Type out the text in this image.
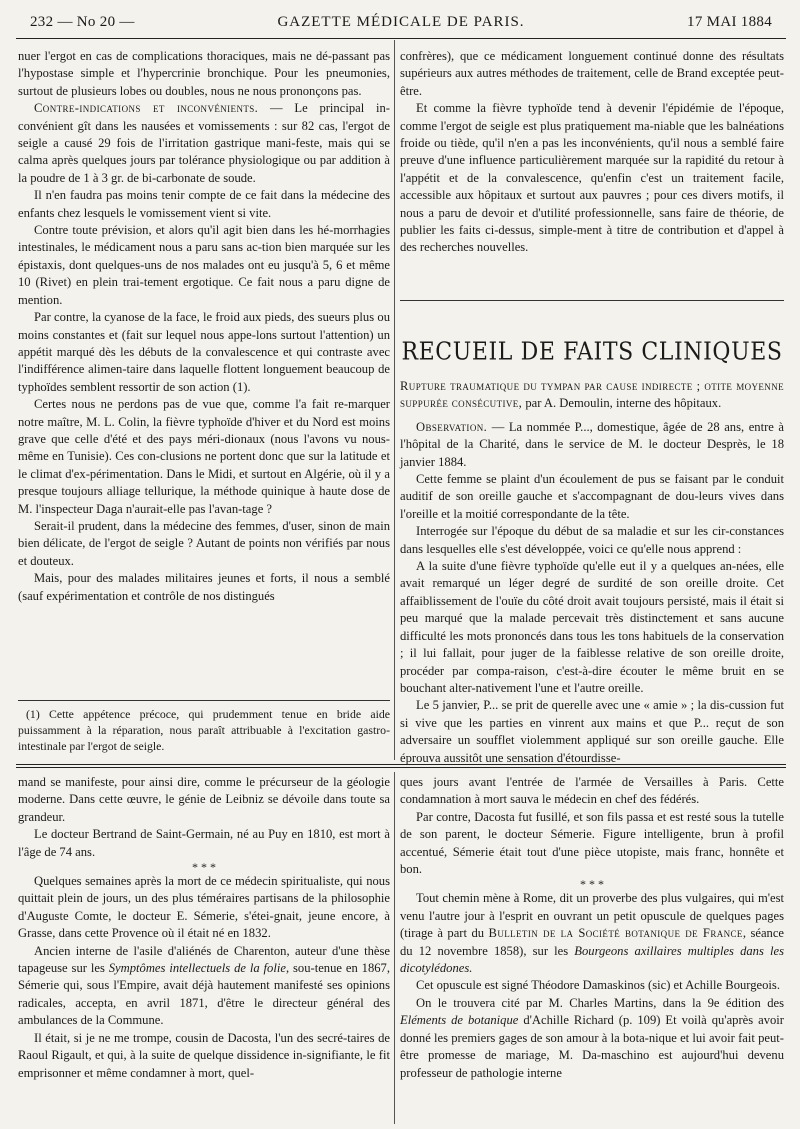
232 — No 20 —	GAZETTE MÉDICALE DE PARIS.	17 MAI 1884

nuer l'ergot en cas de complications thoraciques, mais ne dé-passant pas l'hypostase simple et l'hypercrinie bronchique. Pour les pneumonies, surtout de plusieurs lobes ou doubles, nous ne nous prononçons pas.

Contre-indications et inconvénients. — Le principal in-convénient gît dans les nausées et vomissements : sur 82 cas, l'ergot de seigle a causé 29 fois de l'irritation gastrique mani-feste, mais qui se calma après quelques jours par tolérance physiologique ou par addition à la poudre de 1 à 3 gr. de bi-carbonate de soude.

Il n'en faudra pas moins tenir compte de ce fait dans la médecine des enfants chez lesquels le vomissement vient si vite.

Contre toute prévision, et alors qu'il agit bien dans les hé-morrhagies intestinales, le médicament nous a paru sans ac-tion bien marquée sur les épistaxis, dont quelques-uns de nos malades ont eu jusqu'à 5, 6 et même 10 (Rivet) en plein trai-tement ergotique. Ce fait nous a paru digne de mention.

Par contre, la cyanose de la face, le froid aux pieds, des sueurs plus ou moins constantes et (fait sur lequel nous appe-lons surtout l'attention) un appétit marqué dès les débuts de la convalescence et qui contraste avec l'indifférence alimen-taire dans laquelle flottent longuement beaucoup de typhoïdes semblent ressortir de son action (1).

Certes nous ne perdons pas de vue que, comme l'a fait re-marquer notre maître, M. L. Colin, la fièvre typhoïde d'hiver et du Nord est moins grave que celle d'été et des pays méri-dionaux (nous l'avons vu nous-même en Tunisie). Ces con-clusions ne portent donc que sur la latitude et le climat d'ex-périmentation. Dans le Midi, et surtout en Algérie, où il y a presque toujours alliage tellurique, la méthode quinique à haute dose de M. l'inspecteur Daga n'aurait-elle pas l'avan-tage ?

Serait-il prudent, dans la médecine des femmes, d'user, sinon de main bien délicate, de l'ergot de seigle ? Autant de points non vérifiés par nous et douteux.

Mais, pour des malades militaires jeunes et forts, il nous a semblé (sauf expérimentation et contrôle de nos distingués

(1) Cette appétence précoce, qui prudemment tenue en bride aide puissamment à la réparation, nous paraît attribuable à l'excitation gastro-intestinale par l'ergot de seigle.

confrères), que ce médicament longuement continué donne des résultats supérieurs aux autres méthodes de traitement, celle de Brand exceptée peut-être.

Et comme la fièvre typhoïde tend à devenir l'épidémie de l'époque, comme l'ergot de seigle est plus pratiquement ma-niable que les balnéations froide ou tiède, qu'il n'en a pas les inconvénients, qu'il nous a semblé faire preuve d'une influence particulièrement marquée sur la rapidité du retour à l'appétit et de la convalescence, qu'enfin c'est un traitement facile, accessible aux hôpitaux et surtout aux pauvres ; pour ces divers motifs, il nous a paru de devoir et d'utilité professionnelle, sans faire de théorie, de publier les faits ci-dessus, simple-ment à titre de contribution et d'appel à des recherches nouvelles.

RECUEIL DE FAITS CLINIQUES

Rupture traumatique du tympan par cause indirecte ; otite moyenne suppurée consécutive, par A. Demoulin, interne des hôpitaux.

Observation. — La nommée P..., domestique, âgée de 28 ans, entre à l'hôpital de la Charité, dans le service de M. le docteur Desprès, le 18 janvier 1884.

Cette femme se plaint d'un écoulement de pus se faisant par le conduit auditif de son oreille gauche et s'accompagnant de dou-leurs vives dans l'oreille et la moitié correspondante de la tête.

Interrogée sur l'époque du début de sa maladie et sur les cir-constances dans lesquelles elle s'est développée, voici ce qu'elle nous apprend :

A la suite d'une fièvre typhoïde qu'elle eut il y a quelques an-nées, elle avait remarqué un léger degré de surdité de son oreille droite. Cet affaiblissement de l'ouïe du côté droit avait toujours persisté, mais il était si peu marqué que la malade percevait très distinctement et sans aucune difficulté les mots prononcés dans tous les tons habituels de la conservation ; il lui fallait, pour juger de la faiblesse relative de son oreille droite, procéder par compa-raison, c'est-à-dire écouter le même bruit en se bouchant alter-nativement l'une et l'autre oreille.

Le 5 janvier, P... se prit de querelle avec une « amie » ; la dis-cussion fut si vive que les parties en vinrent aux mains et que P... reçut de son adversaire un soufflet violemment appliqué sur son oreille gauche. Elle éprouva aussitôt une sensation d'étourdisse-

mand se manifeste, pour ainsi dire, comme le précurseur de la géologie moderne. Dans cette œuvre, le génie de Leibniz se dévoile dans toute sa grandeur.

Le docteur Bertrand de Saint-Germain, né au Puy en 1810, est mort à l'âge de 74 ans.

* * *

Quelques semaines après la mort de ce médecin spiritualiste, qui nous quittait plein de jours, un des plus téméraires partisans de la philosophie d'Auguste Comte, le docteur E. Sémerie, s'étei-gnait, jeune encore, à Grasse, dans cette Provence où il était né en 1832.

Ancien interne de l'asile d'aliénés de Charenton, auteur d'une thèse tapageuse sur les Symptômes intellectuels de la folie, sou-tenue en 1867, Sémerie qui, sous l'Empire, avait déjà hautement manifesté ses opinions radicales, accepta, en avril 1871, d'être le directeur général des ambulances de la Commune.

Il était, si je ne me trompe, cousin de Dacosta, l'un des secré-taires de Raoul Rigault, et qui, à la suite de quelque dissidence in-signifiante, le fit emprisonner et même condamner à mort, quel-

ques jours avant l'entrée de l'armée de Versailles à Paris. Cette condamnation à mort sauva le médecin en chef des fédérés.

Par contre, Dacosta fut fusillé, et son fils passa et est resté sous la tutelle de son parent, le docteur Sémerie. Figure intelligente, brun à profil accentué, Sémerie était tout d'une pièce utopiste, mais franc, honnête et bon.

* * *

Tout chemin mène à Rome, dit un proverbe des plus vulgaires, qui m'est venu l'autre jour à l'esprit en ouvrant un petit opuscule de quelques pages (tirage à part du Bulletin de la Société botanique de France, séance du 12 novembre 1858), sur les Bourgeons axillaires multiples dans les dicotylédones.

Cet opuscule est signé Théodore Damaskinos (sic) et Achille Bourgeois.

On le trouvera cité par M. Charles Martins, dans la 9e édition des Eléments de botanique d'Achille Richard (p. 109) Et voilà qu'après avoir donné les premiers gages de son amour à la bota-nique et lui avoir fait peut-être promesse de mariage, M. Da-maschino est aujourd'hui devenu professeur de pathologie interne
